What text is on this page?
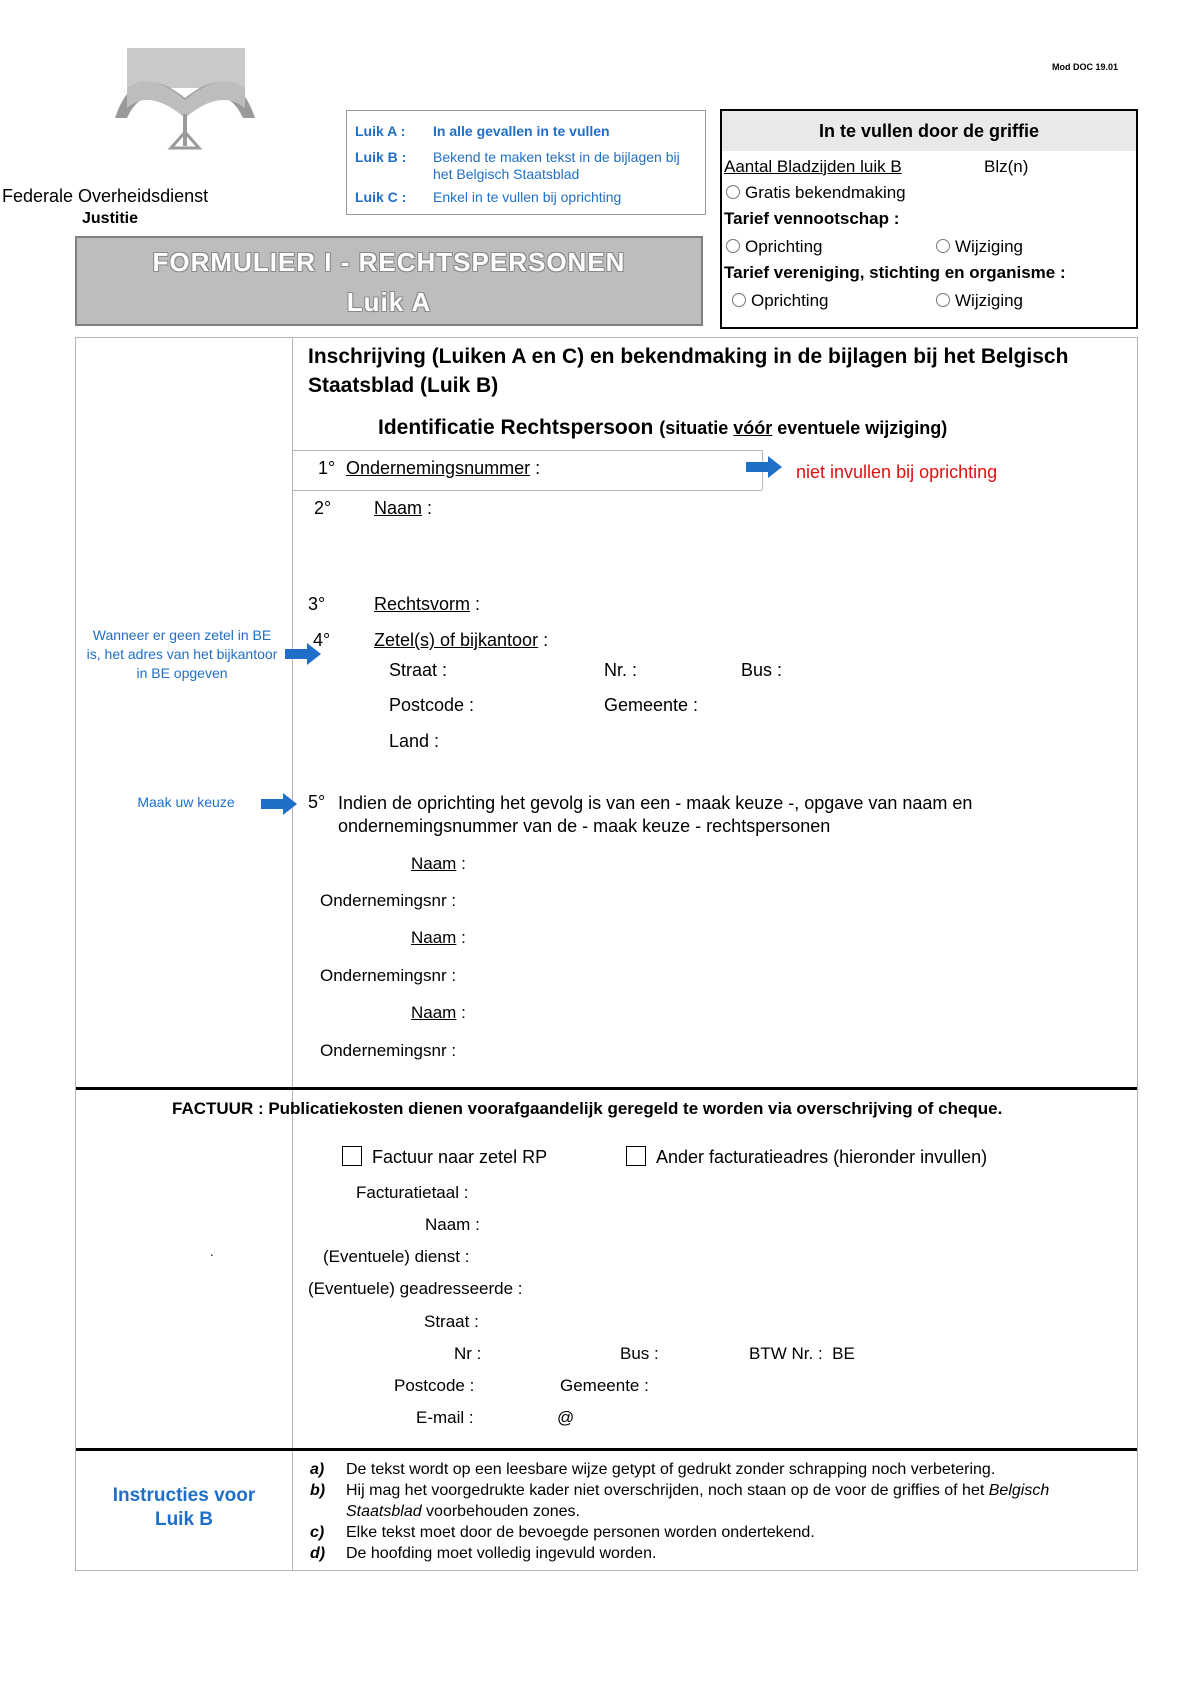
Federale Overheidsdienst
Justitie
Mod DOC 19.01
Luik A : In alle gevallen in te vullen
Luik B : Bekend te maken tekst in de bijlagen bij het Belgisch Staatsblad
Luik C : Enkel in te vullen bij oprichting
FORMULIER I - RECHTSPERSONEN
Luik A
In te vullen door de griffie
Aantal Bladzijden luik B	Blz(n)
Gratis bekendmaking
Tarief vennootschap :
Oprichting	Wijziging
Tarief vereniging, stichting en organisme :
Oprichting	Wijziging
Inschrijving (Luiken A en C) en bekendmaking in de bijlagen bij het Belgisch Staatsblad (Luik B)
Identificatie Rechtspersoon (situatie vóór eventuele wijziging)
1° Ondernemingsnummer :	niet invullen bij oprichting
2° Naam :
3°	Rechtsvorm :
Wanneer er geen zetel in BE is, het adres van het bijkantoor in BE opgeven
4° Zetel(s) of bijkantoor :
Straat :	Nr. :	Bus :
Postcode :	Gemeente :
Land :
Maak uw keuze	5° Indien de oprichting het gevolg is van een - maak keuze -, opgave van naam en ondernemingsnummer van de - maak keuze - rechtspersonen
Naam :
Ondernemingsnr :
Naam :
Ondernemingsnr :
Naam :
Ondernemingsnr :
FACTUUR : Publicatiekosten dienen voorafgaandelijk geregeld te worden via overschrijving of cheque.
Factuur naar zetel RP	Ander facturatieadres (hieronder invullen)
Facturatietaal :
Naam :
.	(Eventuele) dienst :
(Eventuele) geadresseerde :
Straat :
Nr :	Bus :	BTW Nr. : BE
Postcode :	Gemeente :
E-mail :	@
Instructies voor
Luik B
a) De tekst wordt op een leesbare wijze getypt of gedrukt zonder schrapping noch verbetering.
b) Hij mag het voorgedrukte kader niet overschrijden, noch staan op de voor de griffies of het Belgisch Staatsblad voorbehouden zones.
c) Elke tekst moet door de bevoegde personen worden ondertekend.
d) De hoofding moet volledig ingevuld worden.
